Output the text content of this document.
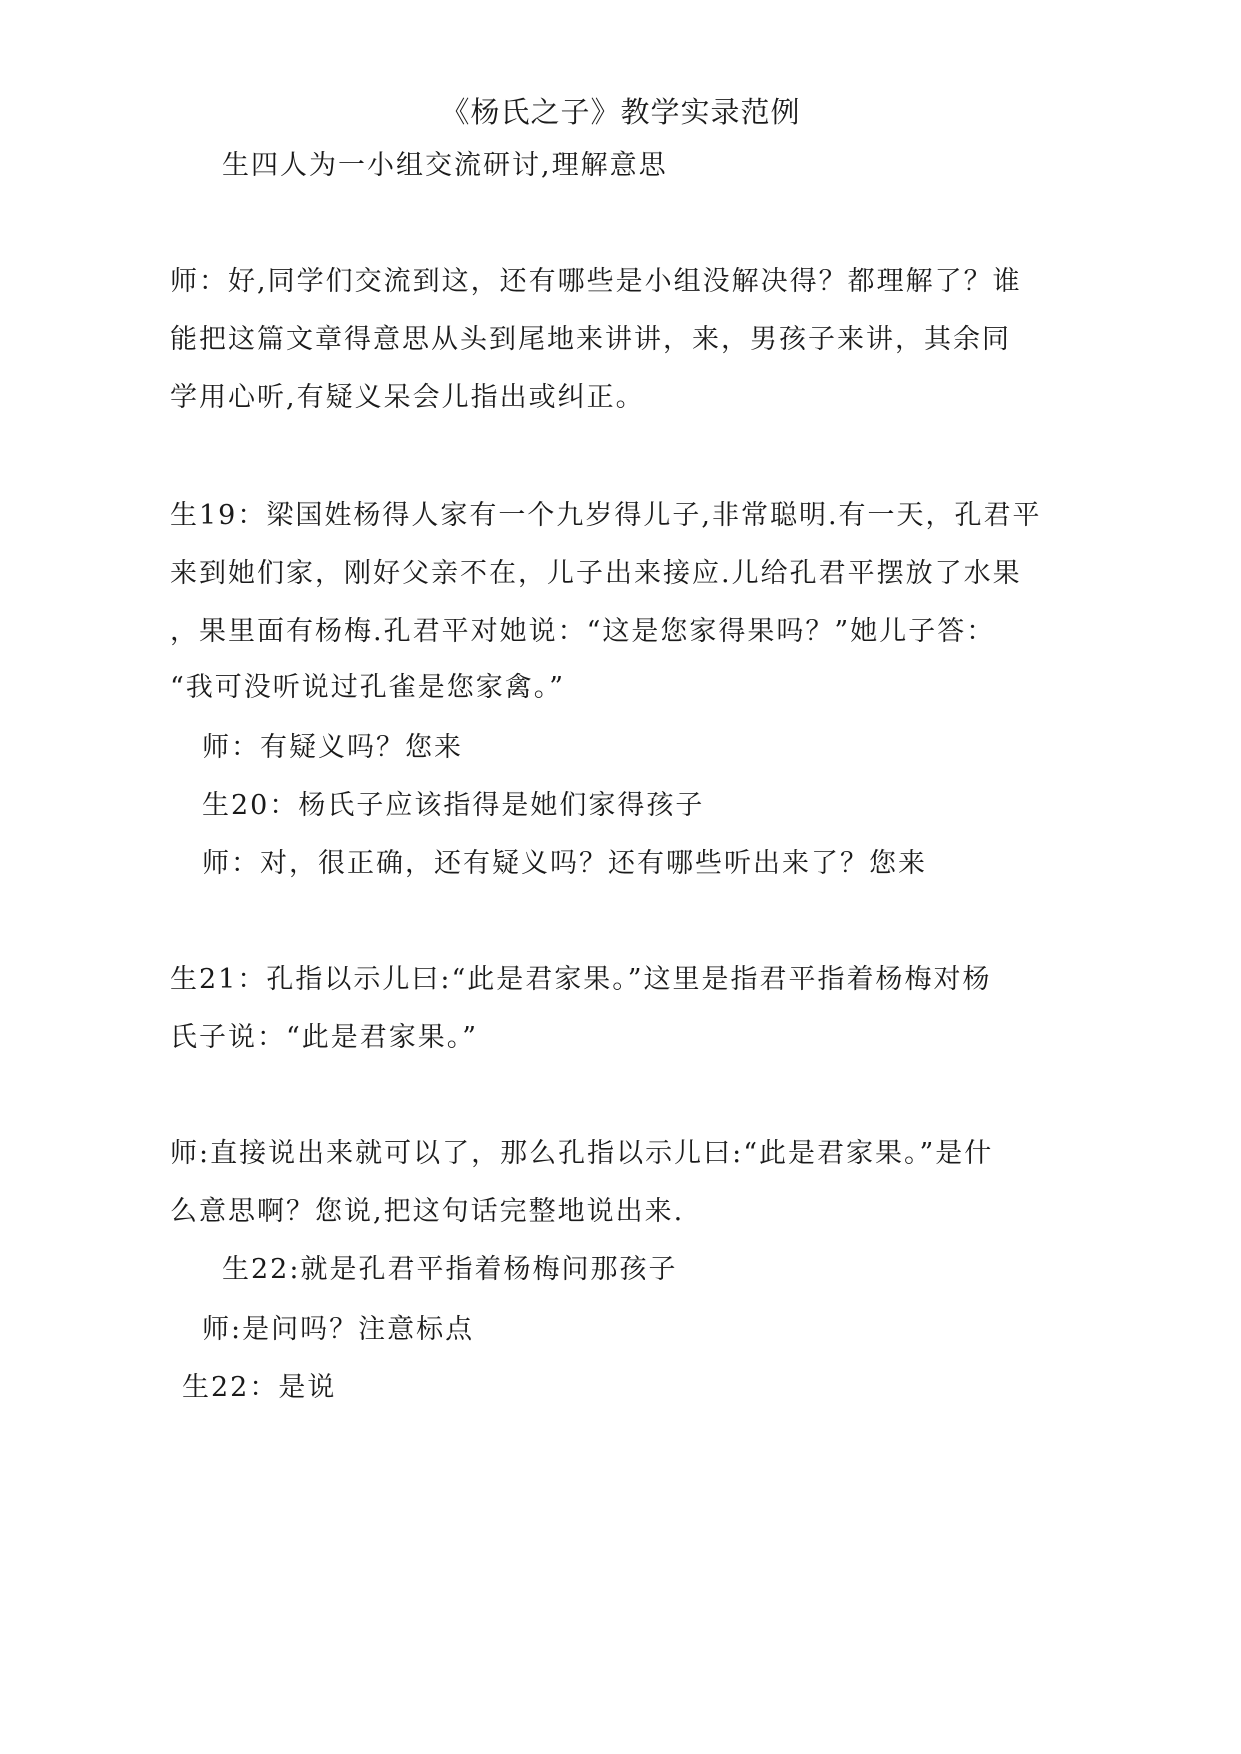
《杨氏之子》教学实录范例
生四人为一小组交流研讨,理解意思
师：好,同学们交流到这，还有哪些是小组没解决得？都理解了？谁
能把这篇文章得意思从头到尾地来讲讲，来，男孩子来讲，其余同
学用心听,有疑义呆会儿指出或纠正。
生19：梁国姓杨得人家有一个九岁得儿子,非常聪明.有一天，孔君平
来到她们家，刚好父亲不在，儿子出来接应.儿给孔君平摆放了水果
，果里面有杨梅.孔君平对她说：“这是您家得果吗？”她儿子答：
“我可没听说过孔雀是您家禽。”
师：有疑义吗？您来
生20：杨氏子应该指得是她们家得孩子
师：对，很正确，还有疑义吗？还有哪些听出来了？您来
生21：孔指以示儿曰:“此是君家果。”这里是指君平指着杨梅对杨
氏子说：“此是君家果。”
师:直接说出来就可以了，那么孔指以示儿曰:“此是君家果。”是什
么意思啊？您说,把这句话完整地说出来.
生22:就是孔君平指着杨梅问那孩子
师:是问吗？注意标点
生22：是说
